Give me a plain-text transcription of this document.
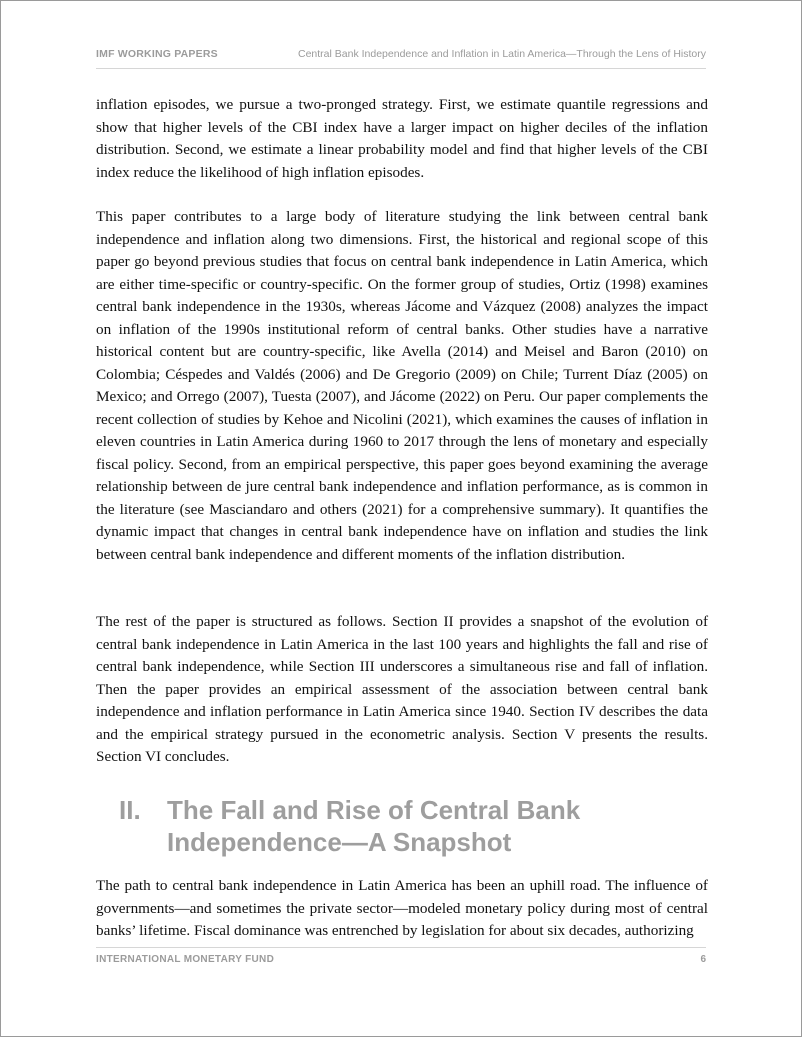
IMF WORKING PAPERS	Central Bank Independence and Inflation in Latin America—Through the Lens of History

inflation episodes, we pursue a two-pronged strategy. First, we estimate quantile regressions and show that higher levels of the CBI index have a larger impact on higher deciles of the inflation distribution. Second, we estimate a linear probability model and find that higher levels of the CBI index reduce the likelihood of high inflation episodes.

This paper contributes to a large body of literature studying the link between central bank independence and inflation along two dimensions. First, the historical and regional scope of this paper go beyond previous studies that focus on central bank independence in Latin America, which are either time-specific or country-specific. On the former group of studies, Ortiz (1998) examines central bank independence in the 1930s, whereas Jácome and Vázquez (2008) analyzes the impact on inflation of the 1990s institutional reform of central banks. Other studies have a narrative historical content but are country-specific, like Avella (2014) and Meisel and Baron (2010) on Colombia; Céspedes and Valdés (2006) and De Gregorio (2009) on Chile; Turrent Díaz (2005) on Mexico; and Orrego (2007), Tuesta (2007), and Jácome (2022) on Peru. Our paper complements the recent collection of studies by Kehoe and Nicolini (2021), which examines the causes of inflation in eleven countries in Latin America during 1960 to 2017 through the lens of monetary and especially fiscal policy. Second, from an empirical perspective, this paper goes beyond examining the average relationship between de jure central bank independence and inflation performance, as is common in the literature (see Masciandaro and others (2021) for a comprehensive summary). It quantifies the dynamic impact that changes in central bank independence have on inflation and studies the link between central bank independence and different moments of the inflation distribution.

The rest of the paper is structured as follows. Section II provides a snapshot of the evolution of central bank independence in Latin America in the last 100 years and highlights the fall and rise of central bank independence, while Section III underscores a simultaneous rise and fall of inflation. Then the paper provides an empirical assessment of the association between central bank independence and inflation performance in Latin America since 1940. Section IV describes the data and the empirical strategy pursued in the econometric analysis. Section V presents the results. Section VI concludes.

II. The Fall and Rise of Central Bank Independence—A Snapshot

The path to central bank independence in Latin America has been an uphill road. The influence of governments—and sometimes the private sector—modeled monetary policy during most of central banks’ lifetime. Fiscal dominance was entrenched by legislation for about six decades, authorizing

INTERNATIONAL MONETARY FUND	6
